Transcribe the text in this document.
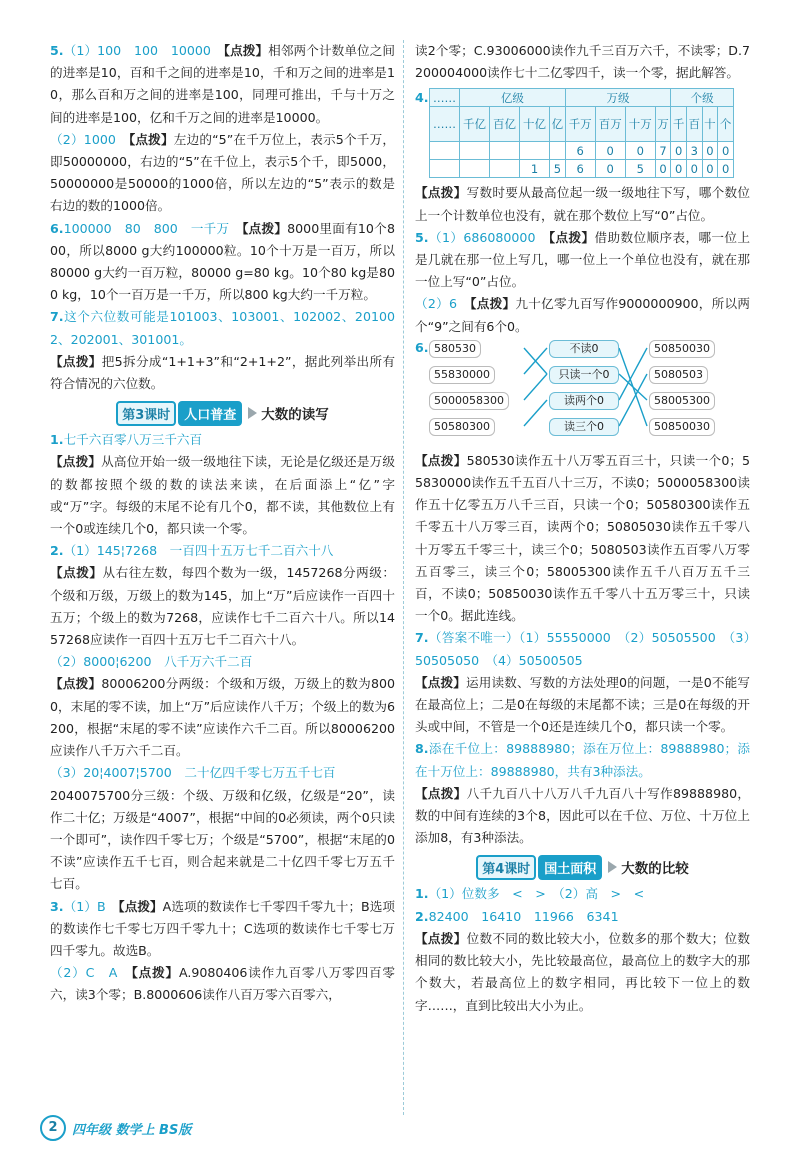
5.（1）100　100　10000　【点拨】相邻两个计数单位之间的进率是10，百和千之间的进率是10，千和万之间的进率是10，那么百和万之间的进率是100，同理可推出，千与十万之间的进率是100，亿和千万之间的进率是10000。

（2）1000　【点拨】左边的“5”在千万位上，表示5个千万，即50000000，右边的“5”在千位上，表示5个千，即5000，50000000是50000的1000倍，所以左边的“5”表示的数是右边的数的1000倍。

6.100000　80　800　一千万　【点拨】8000里面有10个800，所以8000 g大约100000粒。10个十万是一百万，所以80000 g大约一百万粒，80000 g=80 kg。10个80 kg是800 kg，10个一百万是一千万，所以800 kg大约一千万粒。

7.这个六位数可能是101003、103001、102002、201002、202001、301001。

【点拨】把5拆分成“1+1+3”和“2+1+2”，据此列举出所有符合情况的六位数。

第3课时	人口普查	大数的读写

1.七千六百零八万三千六百

【点拨】从高位开始一级一级地往下读，无论是亿级还是万级的数都按照个级的数的读法来读，在后面添上“亿”字或“万”字。每级的末尾不论有几个0，都不读，其他数位上有一个0或连续几个0，都只读一个零。

2.（1）145¦7268　一百四十五万七千二百六十八

【点拨】从右往左数，每四个数为一级，1457268分两级：个级和万级，万级上的数为145，加上“万”后应读作一百四十五万；个级上的数为7268，应读作七千二百六十八。所以1457268应读作一百四十五万七千二百六十八。

（2）8000¦6200　八千万六千二百

【点拨】80006200分两级：个级和万级，万级上的数为8000，末尾的零不读，加上“万”后应读作八千万；个级上的数为6200，根据“末尾的零不读”应读作六千二百。所以80006200应读作八千万六千二百。

（3）20¦4007¦5700　二十亿四千零七万五千七百

2040075700分三级：个级、万级和亿级，亿级是“20”，读作二十亿；万级是“4007”，根据“中间的0必须读，两个0只读一个即可”，读作四千零七万；个级是“5700”，根据“末尾的0不读”应读作五千七百，则合起来就是二十亿四千零七万五千七百。

3.（1）B　【点拨】A选项的数读作七千零四千零九十；B选项的数读作七千零七万四千零九十；C选项的数读作七千零七万四千零九。故选B。

（2）C　A　【点拨】A.9080406读作九百零八万零四百零六，读3个零；B.8000606读作八百万零六百零六，

读2个零；C.93006000读作九千三百万六千，不读零；D.7200004000读作七十二亿零四千，读一个零，据此解答。

4. ……	亿级				万级				个级			
……	千亿	百亿	十亿	亿	千万	百万	十万	万	千	百	十	个
					6	0	0	7	0	3	0	0
			1	5	6	0	5	0	0	0	0	0

【点拨】写数时要从最高位起一级一级地往下写，哪个数位上一个计数单位也没有，就在那个数位上写“0”占位。

5.（1）686080000　【点拨】借助数位顺序表，哪一位上是几就在那一位上写几，哪一位上一个单位也没有，就在那一位上写“0”占位。

（2）6　【点拨】九十亿零九百写作9000000900，所以两个“9”之间有6个0。

6. 580530
55830000
5000058300
50580300
不读0
只读一个0
读两个0
读三个0
50850030
5080503
58005300
50850030

【点拨】580530读作五十八万零五百三十，只读一个0；55830000读作五千五百八十三万，不读0；5000058300读作五十亿零五万八千三百，只读一个0；50580300读作五千零五十八万零三百，读两个0；50805030读作五千零八十万零五千零三十，读三个0；5080503读作五百零八万零五百零三，读三个0；58005300读作五千八百万五千三百，不读0；50850030读作五千零八十五万零三十，只读一个0。据此连线。

7.（答案不唯一）（1）55550000　（2）50505500　（3）50505050　（4）50500505

【点拨】运用读数、写数的方法处理0的问题，一是0不能写在最高位上；二是0在每级的末尾都不读；三是0在每级的开头或中间，不管是一个0还是连续几个0，都只读一个零。

8.添在千位上：89888980；添在万位上：89888980；添在十万位上：89888980，共有3种添法。

【点拨】八千九百八十八万八千九百八十写作89888980，数的中间有连续的3个8，因此可以在千位、万位、十万位上添加8，有3种添法。

第4课时	国土面积	大数的比较

1.（1）位数多　<　>　（2）高　>　<

2.82400　16410　11966　6341

【点拨】位数不同的数比较大小，位数多的那个数大；位数相同的数比较大小，先比较最高位，最高位上的数字大的那个数大，若最高位上的数字相同，再比较下一位上的数字……，直到比较出大小为止。

2	四年级 数学上 BS版
